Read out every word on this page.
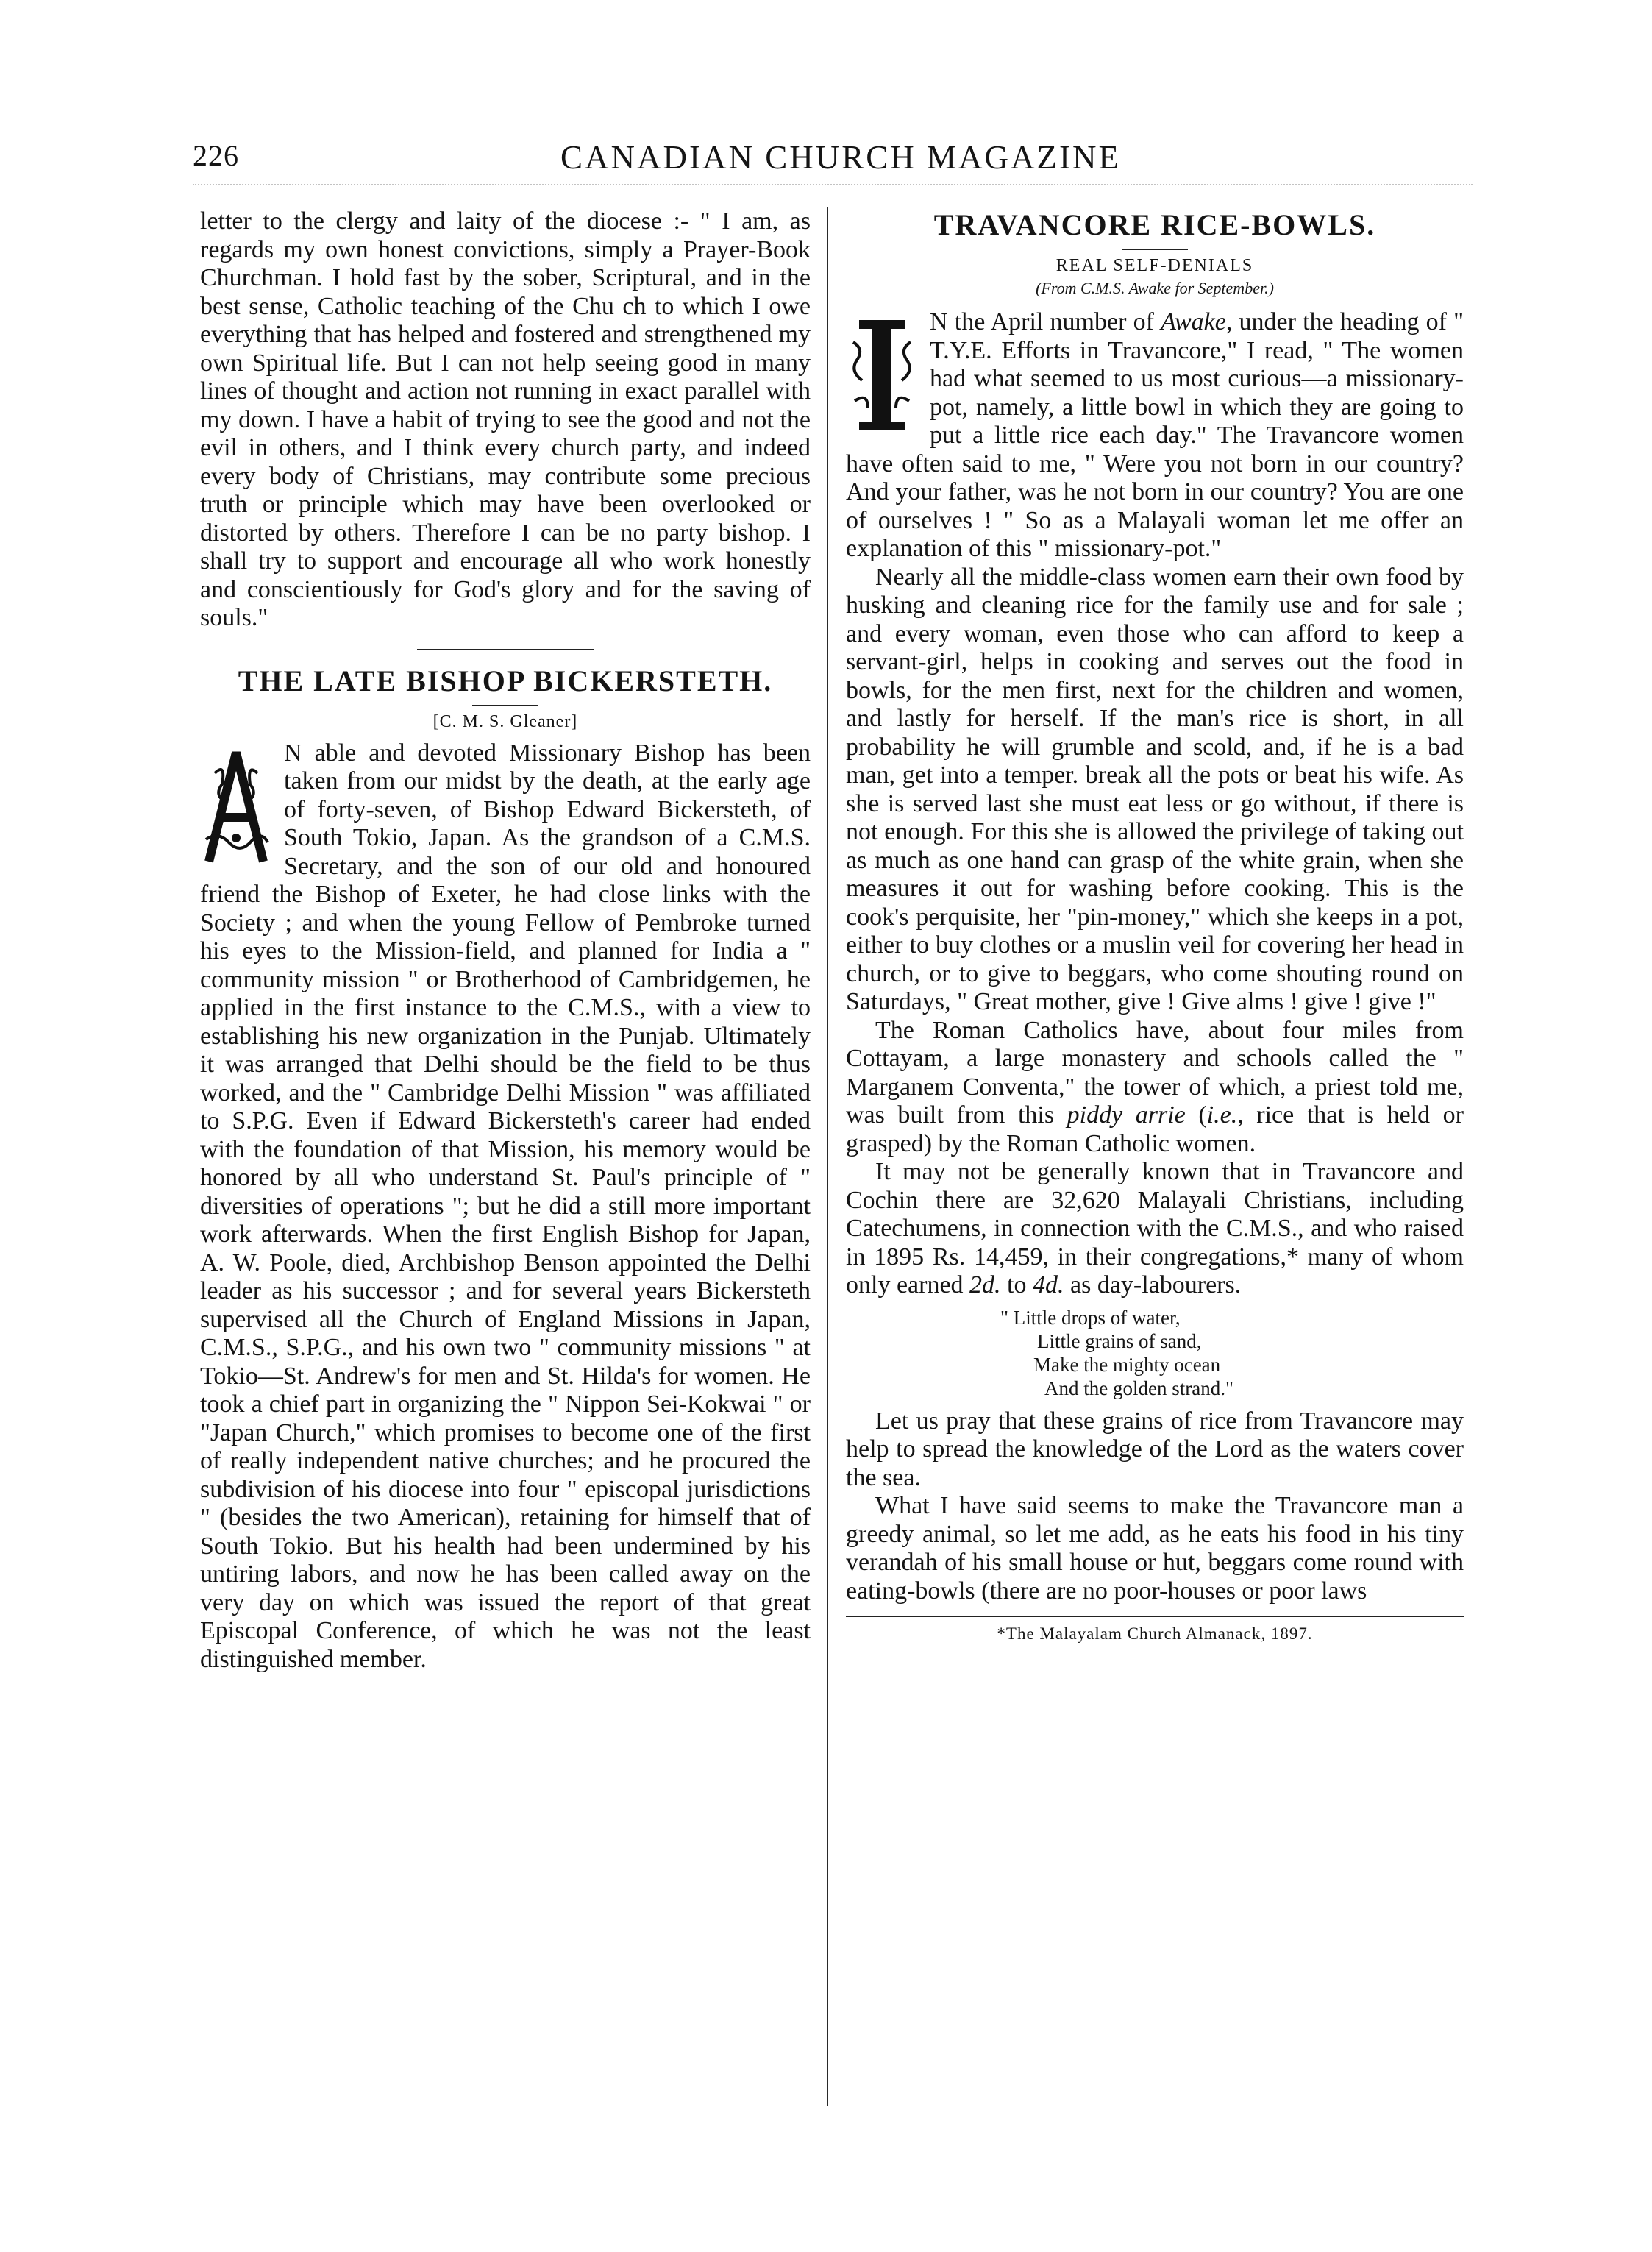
226	CANADIAN CHURCH MAGAZINE

letter to the clergy and laity of the diocese :- " I am, as regards my own honest convictions, simply a Prayer-Book Churchman. I hold fast by the sober, Scriptural, and in the best sense, Catholic teaching of the Chu ch to which I owe everything that has helped and fostered and strengthened my own Spiritual life. But I can not help seeing good in many lines of thought and action not running in exact parallel with my down. I have a habit of trying to see the good and not the evil in others, and I think every church party, and indeed every body of Christians, may contribute some precious truth or principle which may have been overlooked or distorted by others. Therefore I can be no party bishop. I shall try to support and encourage all who work honestly and conscientiously for God's glory and for the saving of souls."

THE LATE BISHOP BICKERSTETH.

[C. M. S. Gleaner]

N able and devoted Missionary Bishop has been taken from our midst by the death, at the early age of forty-seven, of Bishop Edward Bickersteth, of South Tokio, Japan. As the grandson of a C.M.S. Secretary, and the son of our old and honoured friend the Bishop of Exeter, he had close links with the Society ; and when the young Fellow of Pembroke turned his eyes to the Mission-field, and planned for India a " community mission " or Brotherhood of Cambridgemen, he applied in the first instance to the C.M.S., with a view to establishing his new organization in the Punjab. Ultimately it was arranged that Delhi should be the field to be thus worked, and the " Cambridge Delhi Mission " was affiliated to S.P.G. Even if Edward Bickersteth's career had ended with the foundation of that Mission, his memory would be honored by all who understand St. Paul's principle of " diversities of operations "; but he did a still more important work afterwards. When the first English Bishop for Japan, A. W. Poole, died, Archbishop Benson appointed the Delhi leader as his successor ; and for several years Bickersteth supervised all the Church of England Missions in Japan, C.M.S., S.P.G., and his own two " community missions " at Tokio—St. Andrew's for men and St. Hilda's for women. He took a chief part in organizing the " Nippon Sei-Kokwai " or "Japan Church," which promises to become one of the first of really independent native churches; and he procured the subdivision of his diocese into four " episcopal jurisdictions " (besides the two American), retaining for himself that of South Tokio. But his health had been undermined by his untiring labors, and now he has been called away on the very day on which was issued the report of that great Episcopal Conference, of which he was not the least distinguished member.

TRAVANCORE RICE-BOWLS.

REAL SELF-DENIALS

(From C.M.S. Awake for September.)

N the April number of Awake, under the heading of " T.Y.E. Efforts in Travancore," I read, " The women had what seemed to us most curious—a missionary-pot, namely, a little bowl in which they are going to put a little rice each day." The Travancore women have often said to me, " Were you not born in our country? And your father, was he not born in our country? You are one of ourselves ! " So as a Malayali woman let me offer an explanation of this " missionary-pot."

Nearly all the middle-class women earn their own food by husking and cleaning rice for the family use and for sale ; and every woman, even those who can afford to keep a servant-girl, helps in cooking and serves out the food in bowls, for the men first, next for the children and women, and lastly for herself. If the man's rice is short, in all probability he will grumble and scold, and, if he is a bad man, get into a temper. break all the pots or beat his wife. As she is served last she must eat less or go without, if there is not enough. For this she is allowed the privilege of taking out as much as one hand can grasp of the white grain, when she measures it out for washing before cooking. This is the cook's perquisite, her "pin-money," which she keeps in a pot, either to buy clothes or a muslin veil for covering her head in church, or to give to beggars, who come shouting round on Saturdays, " Great mother, give ! Give alms ! give ! give !"

The Roman Catholics have, about four miles from Cottayam, a large monastery and schools called the " Marganem Conventa," the tower of which, a priest told me, was built from this piddy arrie (i.e., rice that is held or grasped) by the Roman Catholic women.

It may not be generally known that in Travancore and Cochin there are 32,620 Malayali Christians, including Catechumens, in connection with the C.M.S., and who raised in 1895 Rs. 14,459, in their congregations,* many of whom only earned 2d. to 4d. as day-labourers.

" Little drops of water,
Little grains of sand,
Make the mighty ocean
And the golden strand."

Let us pray that these grains of rice from Travancore may help to spread the knowledge of the Lord as the waters cover the sea.

What I have said seems to make the Travancore man a greedy animal, so let me add, as he eats his food in his tiny verandah of his small house or hut, beggars come round with eating-bowls (there are no poor-houses or poor laws

*The Malayalam Church Almanack, 1897.
